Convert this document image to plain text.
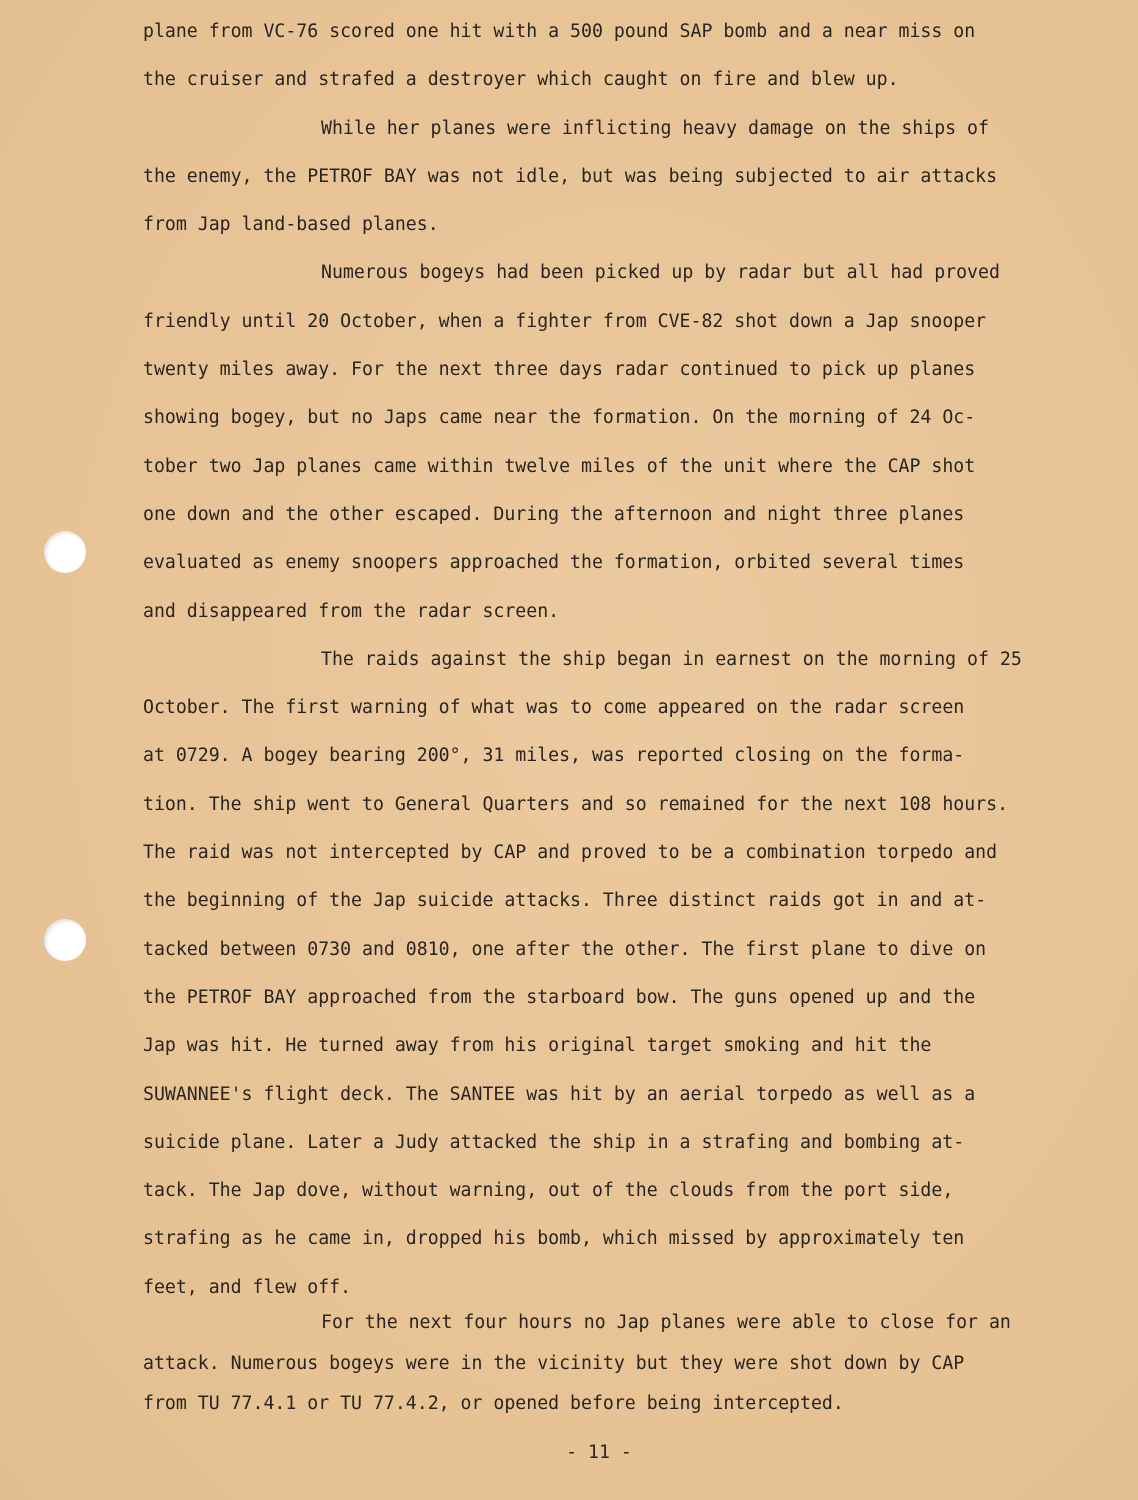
plane from VC-76 scored one hit with a 500 pound SAP bomb and a near miss on
the cruiser and strafed a destroyer which caught on fire and blew up.
While her planes were inflicting heavy damage on the ships of
the enemy, the PETROF BAY was not idle, but was being subjected to air attacks
from Jap land-based planes.
Numerous bogeys had been picked up by radar but all had proved
friendly until 20 October, when a fighter from CVE-82 shot down a Jap snooper
twenty miles away. For the next three days radar continued to pick up planes
showing bogey, but no Japs came near the formation. On the morning of 24 Oc-
tober two Jap planes came within twelve miles of the unit where the CAP shot
one down and the other escaped. During the afternoon and night three planes
evaluated as enemy snoopers approached the formation, orbited several times
and disappeared from the radar screen.
The raids against the ship began in earnest on the morning of 25
October. The first warning of what was to come appeared on the radar screen
at 0729. A bogey bearing 200°, 31 miles, was reported closing on the forma-
tion. The ship went to General Quarters and so remained for the next 108 hours.
The raid was not intercepted by CAP and proved to be a combination torpedo and
the beginning of the Jap suicide attacks. Three distinct raids got in and at-
tacked between 0730 and 0810, one after the other. The first plane to dive on
the PETROF BAY approached from the starboard bow. The guns opened up and the
Jap was hit. He turned away from his original target smoking and hit the
SUWANNEE's flight deck. The SANTEE was hit by an aerial torpedo as well as a
suicide plane. Later a Judy attacked the ship in a strafing and bombing at-
tack. The Jap dove, without warning, out of the clouds from the port side,
strafing as he came in, dropped his bomb, which missed by approximately ten
feet, and flew off.
For the next four hours no Jap planes were able to close for an
attack. Numerous bogeys were in the vicinity but they were shot down by CAP
from TU 77.4.1 or TU 77.4.2, or opened before being intercepted.
- 11 -
